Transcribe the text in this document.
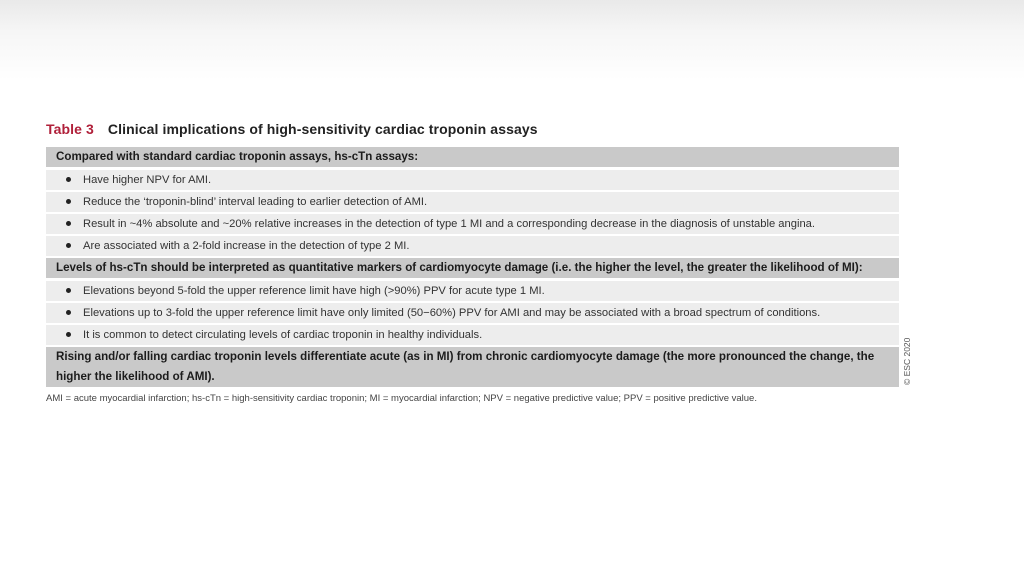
Table 3 Clinical implications of high-sensitivity cardiac troponin assays
Compared with standard cardiac troponin assays, hs-cTn assays:
Have higher NPV for AMI.
Reduce the ‘troponin-blind’ interval leading to earlier detection of AMI.
Result in ~4% absolute and ~20% relative increases in the detection of type 1 MI and a corresponding decrease in the diagnosis of unstable angina.
Are associated with a 2-fold increase in the detection of type 2 MI.
Levels of hs-cTn should be interpreted as quantitative markers of cardiomyocyte damage (i.e. the higher the level, the greater the likelihood of MI):
Elevations beyond 5-fold the upper reference limit have high (>90%) PPV for acute type 1 MI.
Elevations up to 3-fold the upper reference limit have only limited (50−60%) PPV for AMI and may be associated with a broad spectrum of conditions.
It is common to detect circulating levels of cardiac troponin in healthy individuals.
Rising and/or falling cardiac troponin levels differentiate acute (as in MI) from chronic cardiomyocyte damage (the more pronounced the change, the higher the likelihood of AMI).
AMI = acute myocardial infarction; hs-cTn = high-sensitivity cardiac troponin; MI = myocardial infarction; NPV = negative predictive value; PPV = positive predictive value.
© ESC 2020
